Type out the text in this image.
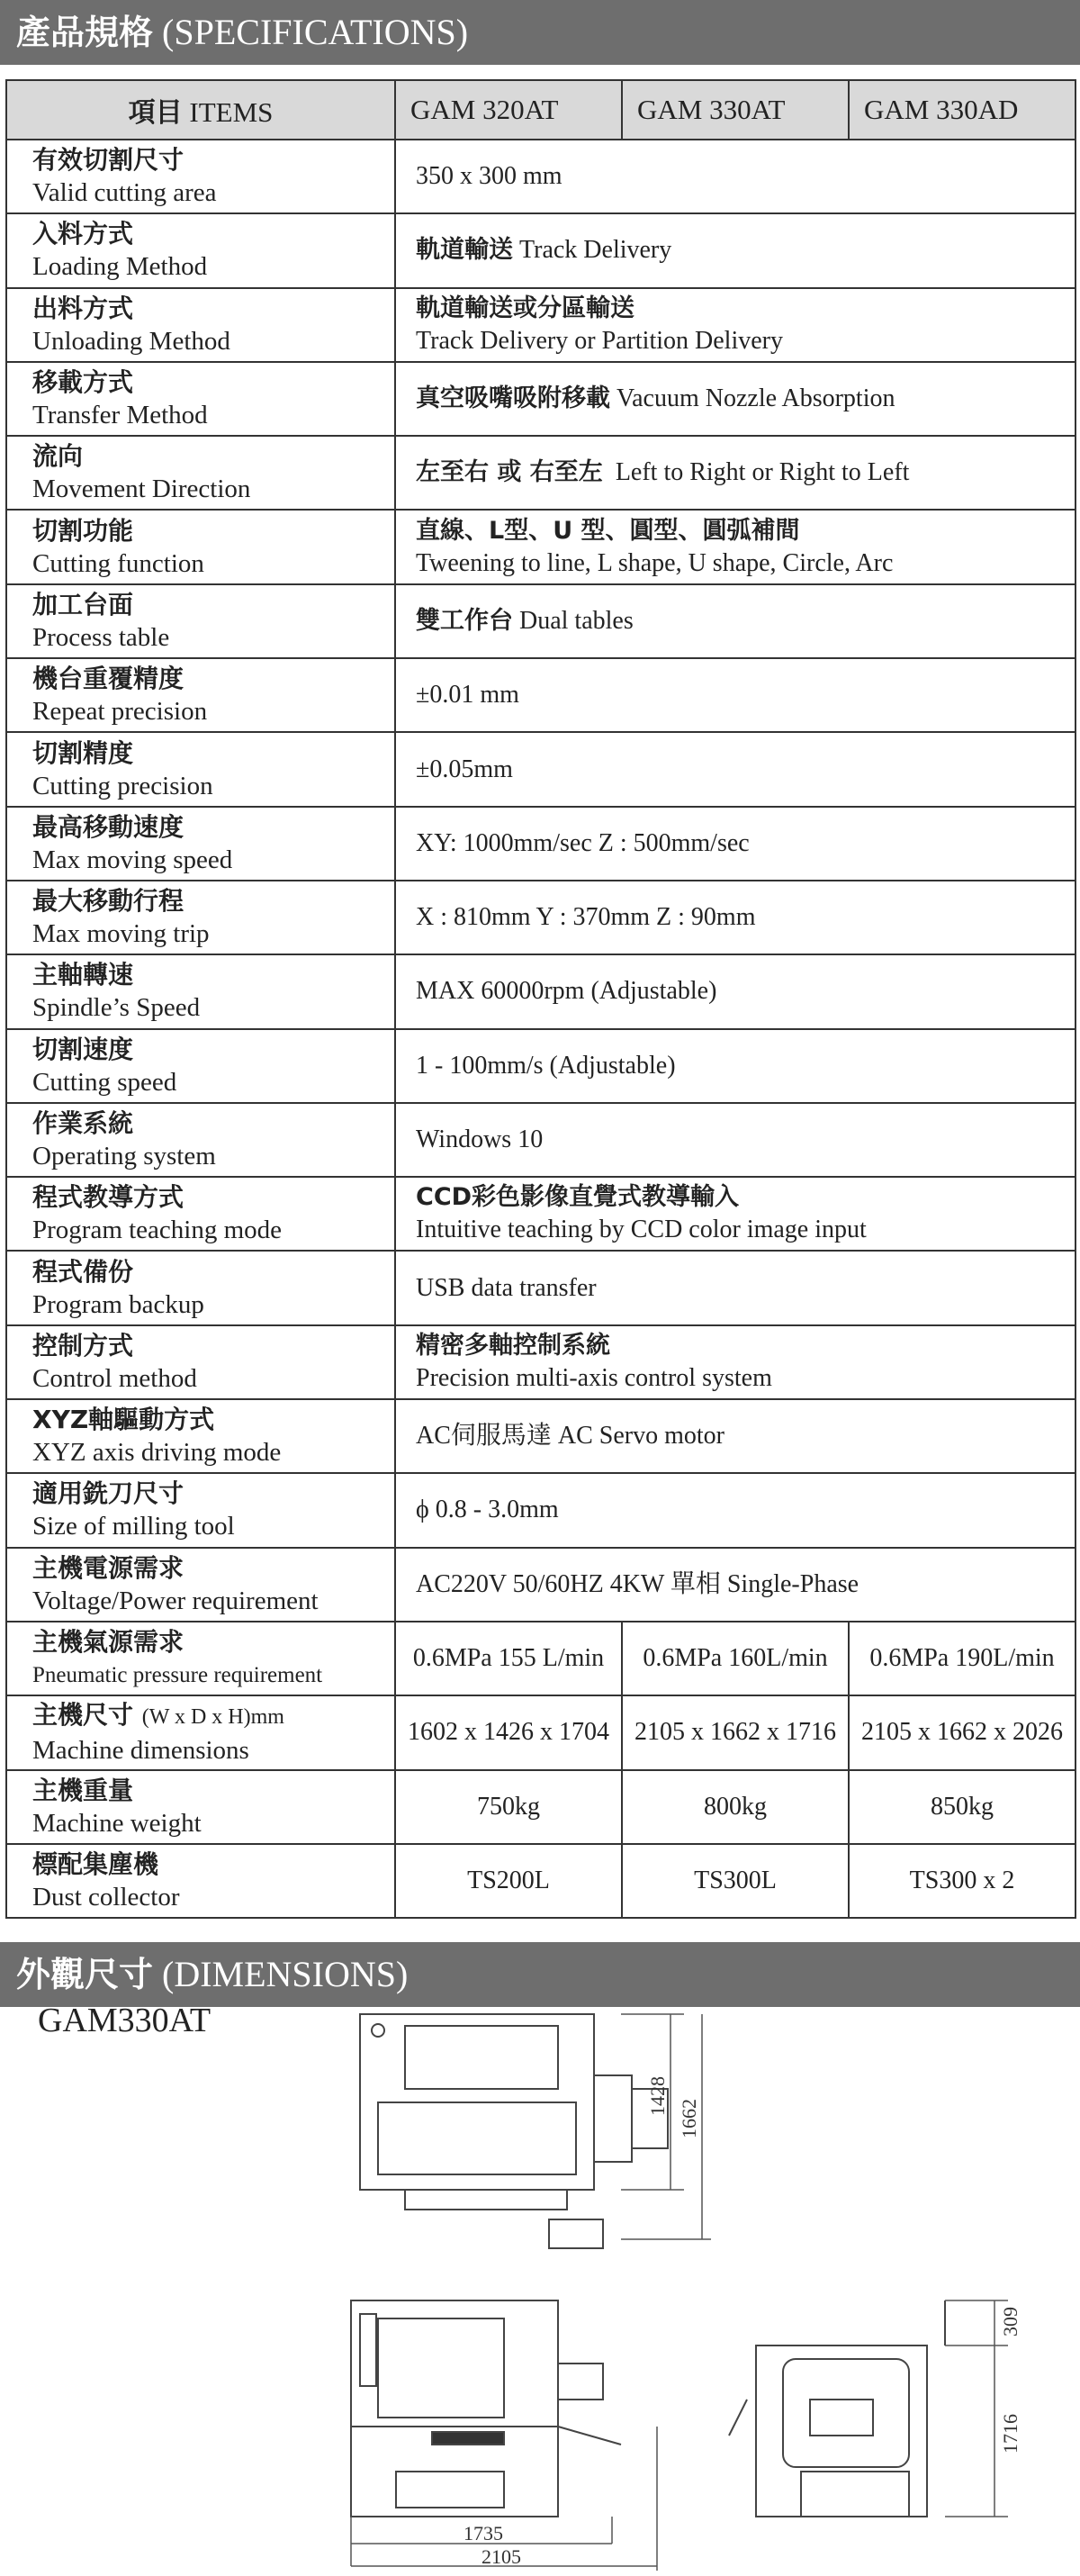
產品規格 (SPECIFICATIONS)
項目 ITEMS	GAM 320AT	GAM 330AT	GAM 330AD

有效切割尺寸
Valid cutting area	350 x 300 mm		

入料方式
Loading Method	軌道輸送 Track Delivery		

出料方式
Unloading Method	軌道輸送或分區輸送
Track Delivery or Partition Delivery		

移載方式
Transfer Method	真空吸嘴吸附移載 Vacuum Nozzle Absorption		

流向
Movement Direction	左至右 或 右至左 Left to Right or Right to Left		

切割功能
Cutting function	直線、L型、U 型、圓型、圓弧補間
Tweening to line, L shape, U shape, Circle, Arc		

加工台面
Process table	雙工作台 Dual tables		

機台重覆精度
Repeat precision	±0.01 mm		

切割精度
Cutting precision	±0.05mm		

最高移動速度
Max moving speed	XY: 1000mm/sec Z : 500mm/sec		

最大移動行程
Max moving trip	X : 810mm Y : 370mm Z : 90mm		

主軸轉速
Spindle’s Speed	MAX 60000rpm (Adjustable)		

切割速度
Cutting speed	1 - 100mm/s (Adjustable)		

作業系統
Operating system	Windows 10		

程式教導方式
Program teaching mode	CCD彩色影像直覺式教導輸入
Intuitive teaching by CCD color image input		

程式備份
Program backup	USB data transfer		

控制方式
Control method	精密多軸控制系統
Precision multi-axis control system		

XYZ軸驅動方式
XYZ axis driving mode	AC伺服馬達 AC Servo motor		

適用銑刀尺寸
Size of milling tool	ϕ 0.8 - 3.0mm		

主機電源需求
Voltage/Power requirement	AC220V 50/60HZ 4KW 單相 Single-Phase		

主機氣源需求
Pneumatic pressure requirement	0.6MPa 155 L/min	0.6MPa 160L/min	0.6MPa 190L/min

主機尺寸 (W x D x H)mm
Machine dimensions	1602 x 1426 x 1704	2105 x 1662 x 1716	2105 x 1662 x 2026

主機重量
Machine weight	750kg	800kg	850kg

標配集塵機
Dust collector	TS200L	TS300L	TS300 x 2
外觀尺寸 (DIMENSIONS)
GAM330AT
1428
1662
1735
2105
309
1716
